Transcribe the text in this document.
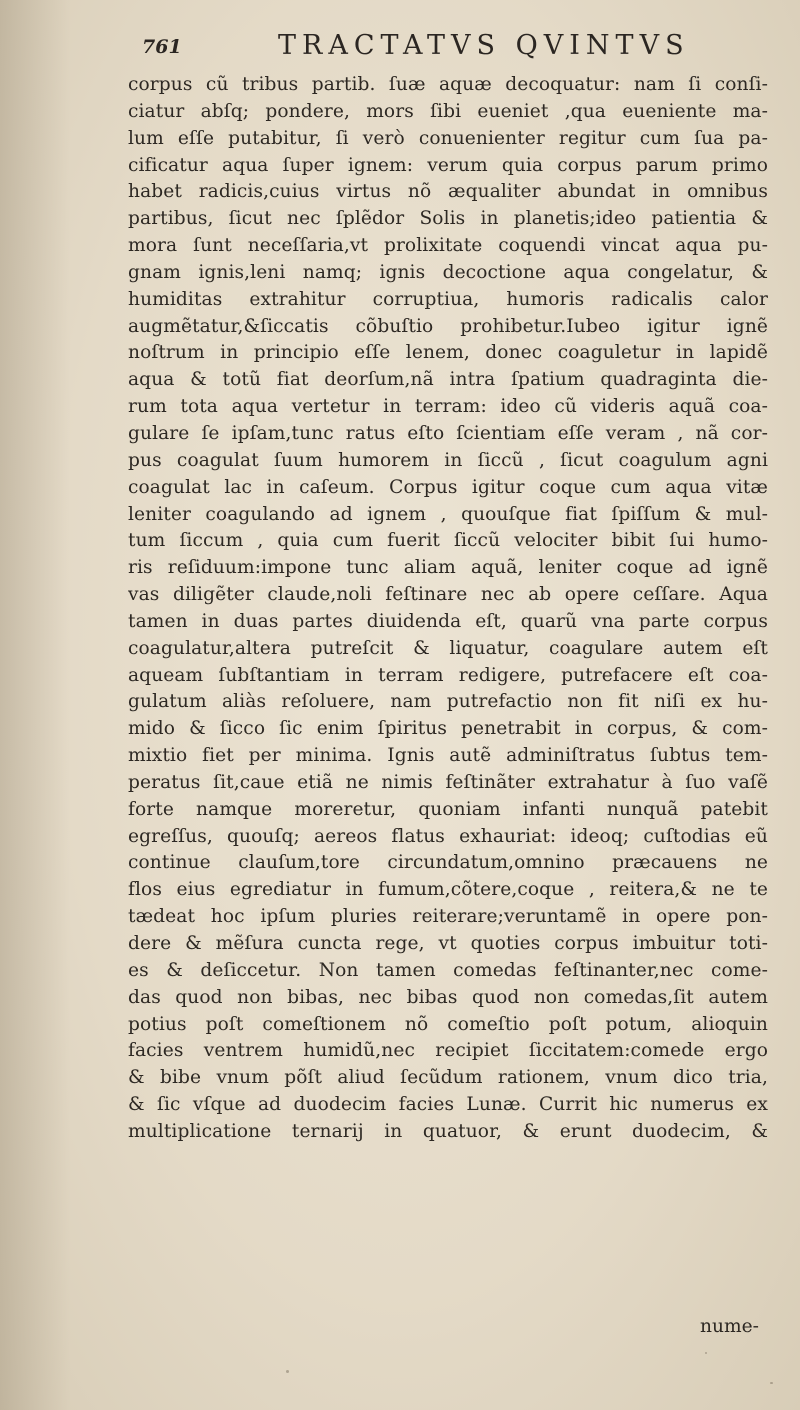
761	TRACTATVS QVINTVS
corpus cũ tribus partib. ſuæ aquæ decoquatur: nam ſi conſi-
ciatur abſq; pondere, mors ſibi eueniet ,qua eueniente ma-
lum eſſe putabitur, ſi verò conuenienter regitur cum ſua pa-
cificatur aqua ſuper ignem: verum quia corpus parum primo
habet radicis,cuius virtus nõ æqualiter abundat in omnibus
partibus, ſicut nec ſplẽdor Solis in planetis;ideo patientia &
mora ſunt neceſſaria,vt prolixitate coquendi vincat aqua pu-
gnam ignis,leni namq; ignis decoctione aqua congelatur, &
humiditas extrahitur corruptiua, humoris radicalis calor
augmẽtatur,&ſiccatis cõbuſtio prohibetur.Iubeo igitur ignẽ
noſtrum in principio eſſe lenem, donec coaguletur in lapidẽ
aqua & totũ fiat deorſum,nã intra ſpatium quadraginta die-
rum tota aqua vertetur in terram: ideo cũ videris aquã coa-
gulare ſe ipſam,tunc ratus eſto ſcientiam eſſe veram , nã cor-
pus coagulat ſuum humorem in ſiccũ , ſicut coagulum agni
coagulat lac in caſeum. Corpus igitur coque cum aqua vitæ
leniter coagulando ad ignem , quouſque fiat ſpiſſum & mul-
tum ſiccum , quia cum fuerit ſiccũ velociter bibit ſui humo-
ris reſiduum:impone tunc aliam aquã, leniter coque ad ignẽ
vas diligẽter claude,noli feſtinare nec ab opere ceſſare. Aqua
tamen in duas partes diuidenda eſt, quarũ vna parte corpus
coagulatur,altera putreſcit & liquatur, coagulare autem eſt
aqueam ſubſtantiam in terram redigere, putrefacere eſt coa-
gulatum aliàs reſoluere, nam putrefactio non fit niſi ex hu-
mido & ſicco ſic enim ſpiritus penetrabit in corpus, & com-
mixtio fiet per minima. Ignis autẽ adminiſtratus ſubtus tem-
peratus ſit,caue etiã ne nimis feſtinãter extrahatur à ſuo vaſẽ
forte namque moreretur, quoniam infanti nunquã patebit
egreſſus, quouſq; aereos flatus exhauriat: ideoq; cuſtodias eũ
continue clauſum,tore circundatum,omnino præcauens ne
flos eius egrediatur in fumum,cõtere,coque , reitera,& ne te
tædeat hoc ipſum pluries reiterare;veruntamẽ in opere pon-
dere & mẽſura cuncta rege, vt quoties corpus imbuitur toti-
es & deſiccetur. Non tamen comedas feſtinanter,nec come-
das quod non bibas, nec bibas quod non comedas,ſit autem
potius poſt comeſtionem nõ comeſtio poſt potum, alioquin
facies ventrem humidũ,nec recipiet ſiccitatem:comede ergo
& bibe vnum põſt aliud ſecũdum rationem, vnum dico tria,
& ſic vſque ad duodecim facies Lunæ. Currit hic numerus ex
multiplicatione ternarij in quatuor, & erunt duodecim, &
nume-
